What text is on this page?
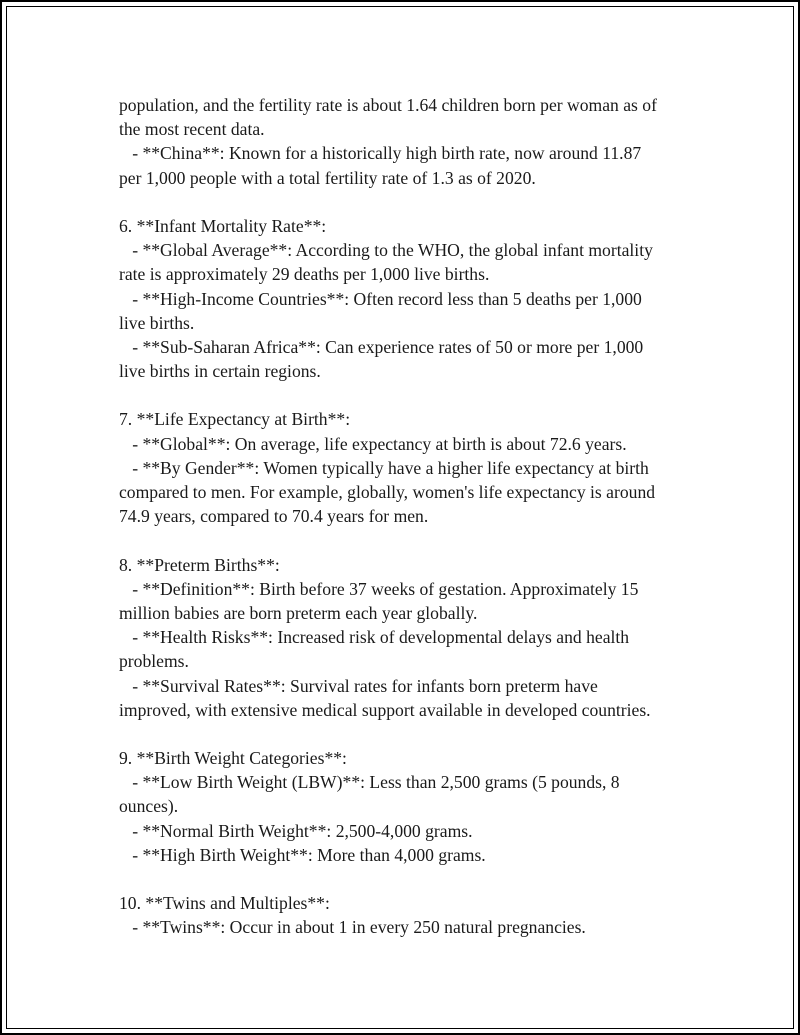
population, and the fertility rate is about 1.64 children born per woman as of
the most recent data.
- **China**: Known for a historically high birth rate, now around 11.87
per 1,000 people with a total fertility rate of 1.3 as of 2020.
6. **Infant Mortality Rate**:
- **Global Average**: According to the WHO, the global infant mortality
rate is approximately 29 deaths per 1,000 live births.
- **High-Income Countries**: Often record less than 5 deaths per 1,000
live births.
- **Sub-Saharan Africa**: Can experience rates of 50 or more per 1,000
live births in certain regions.
7. **Life Expectancy at Birth**:
- **Global**: On average, life expectancy at birth is about 72.6 years.
- **By Gender**: Women typically have a higher life expectancy at birth
compared to men. For example, globally, women's life expectancy is around
74.9 years, compared to 70.4 years for men.
8. **Preterm Births**:
- **Definition**: Birth before 37 weeks of gestation. Approximately 15
million babies are born preterm each year globally.
- **Health Risks**: Increased risk of developmental delays and health
problems.
- **Survival Rates**: Survival rates for infants born preterm have
improved, with extensive medical support available in developed countries.
9. **Birth Weight Categories**:
- **Low Birth Weight (LBW)**: Less than 2,500 grams (5 pounds, 8
ounces).
- **Normal Birth Weight**: 2,500-4,000 grams.
- **High Birth Weight**: More than 4,000 grams.
10. **Twins and Multiples**:
- **Twins**: Occur in about 1 in every 250 natural pregnancies.
